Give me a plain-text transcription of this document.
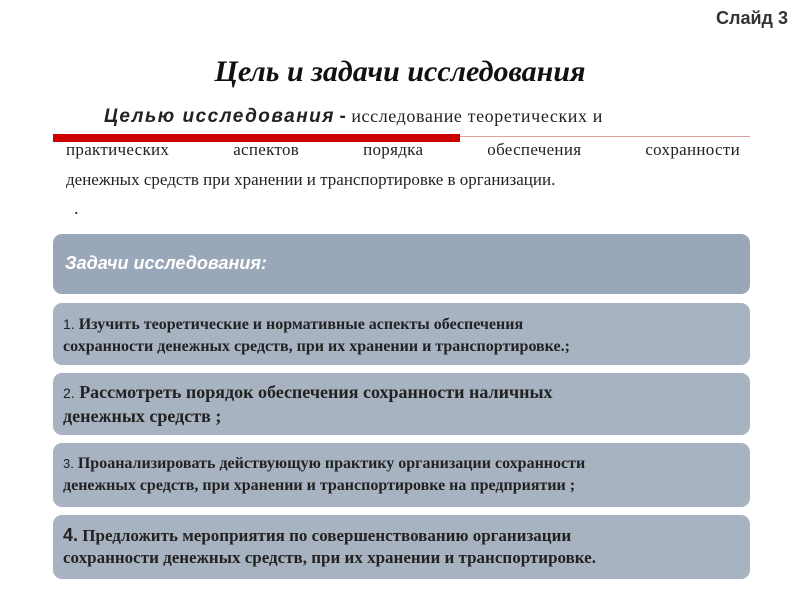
Слайд 3
Цель и задачи исследования
Целью исследования - исследование теоретических и
практических аспектов порядка обеспечения сохранности
денежных средств при хранении и транспортировке в организации.
.
Задачи исследования:
1. Изучить теоретические и нормативные аспекты обеспечения
сохранности денежных средств, при их хранении и транспортировке.;
2. Рассмотреть порядок обеспечения сохранности наличных
денежных средств ;
3. Проанализировать действующую практику организации сохранности
денежных средств, при хранении и транспортировке на предприятии ;
4. Предложить мероприятия по совершенствованию организации
сохранности денежных средств, при их хранении и транспортировке.
